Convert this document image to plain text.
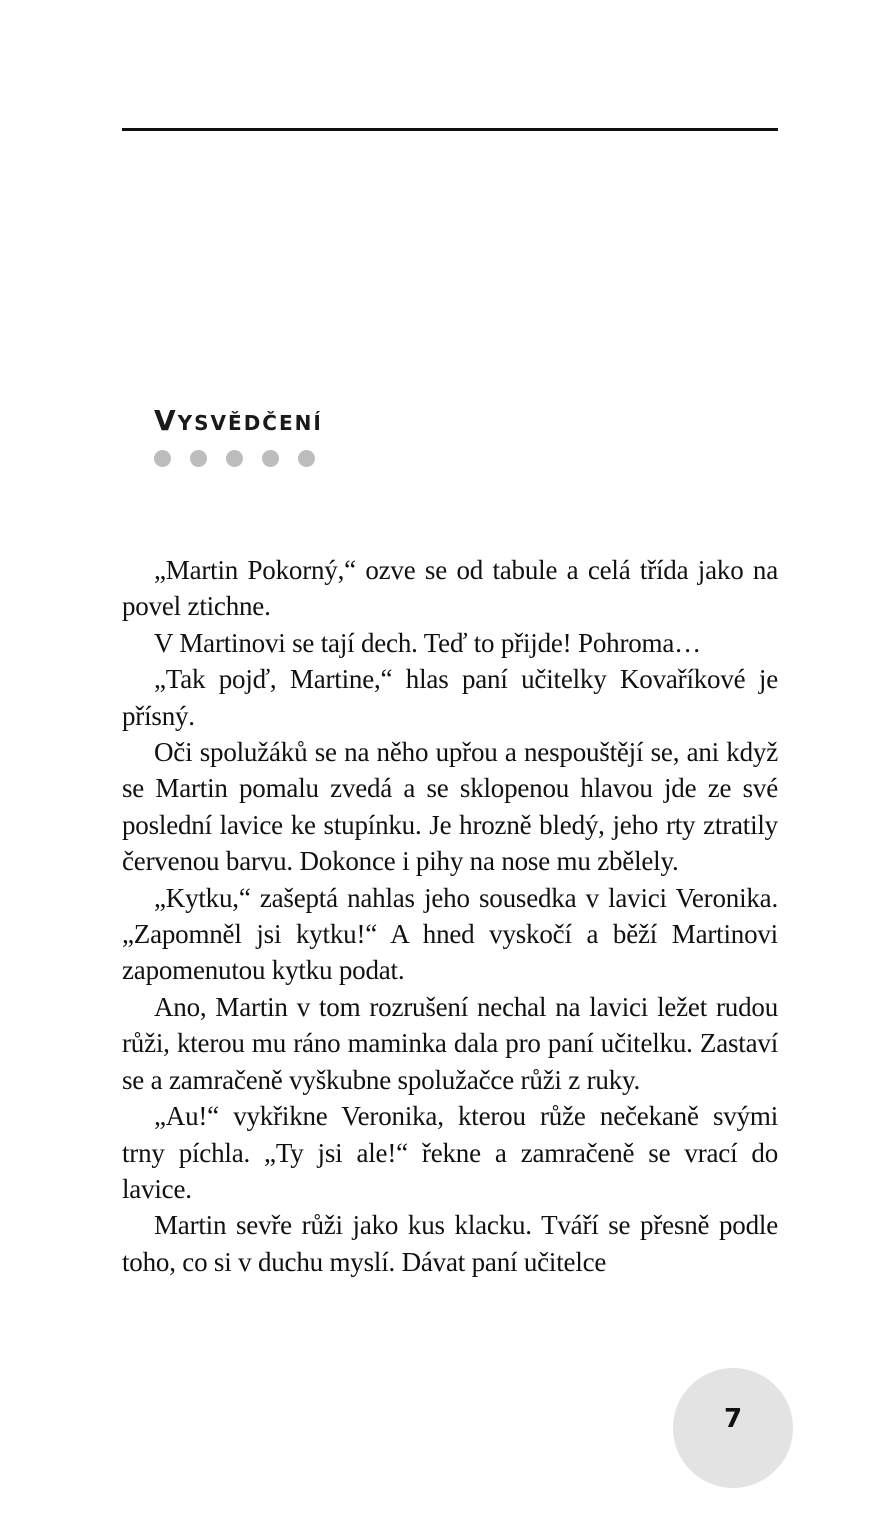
Vysvědčení

„Martin Pokorný,“ ozve se od tabule a celá třída jako na povel ztichne.

V Martinovi se tají dech. Teď to přijde! Pohroma…

„Tak pojď, Martine,“ hlas paní učitelky Kovaříkové je přísný.

Oči spolužáků se na něho upřou a nespouštějí se, ani když se Martin pomalu zvedá a se sklopenou hlavou jde ze své poslední lavice ke stupínku. Je hrozně bledý, jeho rty ztratily červenou barvu. Dokonce i pihy na nose mu zbělely.

„Kytku,“ zašeptá nahlas jeho sousedka v lavici Veronika. „Zapomněl jsi kytku!“ A hned vyskočí a běží Martinovi zapomenutou kytku podat.

Ano, Martin v tom rozrušení nechal na lavici ležet rudou růži, kterou mu ráno maminka dala pro paní učitelku. Zastaví se a zamračeně vyškubne spolužačce růži z ruky.

„Au!“ vykřikne Veronika, kterou růže nečekaně svými trny píchla. „Ty jsi ale!“ řekne a zamračeně se vrací do lavice.

Martin sevře růži jako kus klacku. Tváří se přesně podle toho, co si v duchu myslí. Dávat paní učitelce

7
